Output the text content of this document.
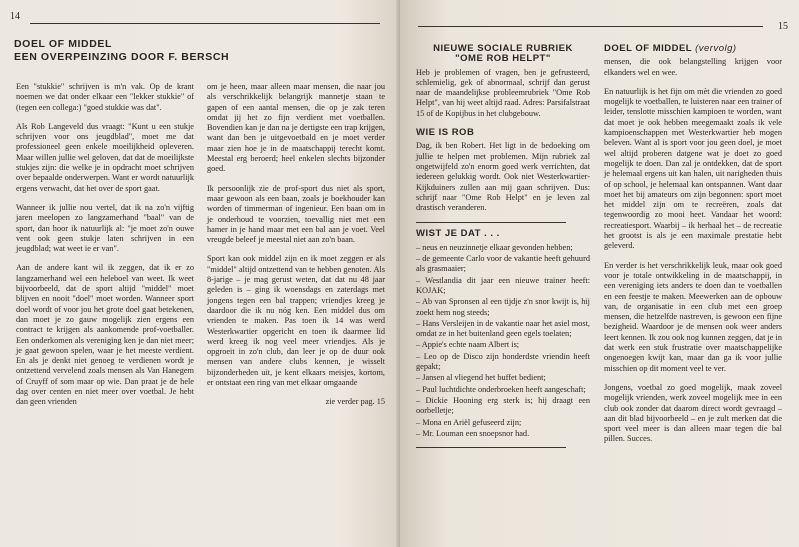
14
DOEL OF MIDDEL
EEN OVERPEINZING DOOR F. BERSCH

Een "stukkie" schrijven is m'n vak. Op de krant noemen we dat onder elkaar een "lekker stukkie" of (tegen een collega:) "goed stukkie was dat".

Als Rob Langeveld dus vraagt: "Kunt u een stukje schrijven voor ons jeugdblad", moet me dat professioneel geen enkele moeilijkheid opleveren. Maar willen jullie wel geloven, dat dat de moeilijkste stukjes zijn: die welke je in opdracht moet schrijven over bepaalde onderwerpen. Want er wordt natuurlijk ergens verwacht, dat het over de sport gaat.

Wanneer ik jullie nou vertel, dat ik na zo'n vijftig jaren meelopen zo langzamerhand "baal" van de sport, dan hoor ik natuurlijk al: "je moet zo'n ouwe vent ook geen stukje laten schrijven in een jeugdblad; wat weet ie er van".

Aan de andere kant wil ik zeggen, dat ik er zo langzamerhand wel een heleboel van weet. Ik weet bijvoorbeeld, dat de sport altijd "middel" moet blijven en nooit "doel" moet worden. Wanneer sport doel wordt of voor jou het grote doel gaat betekenen, dan moet je zo gauw mogelijk zien ergens een contract te krijgen als aankomende prof-voetballer. Een onderkomen als vereniging ken je dan niet meer; je gaat gewoon spelen, waar je het meeste verdient. En als je denkt niet genoeg te verdienen wordt je ontzettend vervelend zoals mensen als Van Hanegem of Cruyff of som maar op wie. Dan praat je de hele dag over centen en niet meer over voetbal. Je hebt dan geen vrienden

om je heen, maar alleen maar mensen, die naar jou als verschrikkelijk belangrijk mannetje staan te gapen of een aantal mensen, die op je zak teren omdat jij het zo fijn verdient met voetballen. Bovendien kan je dan na je dertigste een trap krijgen, want dan ben je uitgevoetbald en je moet verder maar zien hoe je in de maatschappij terecht komt. Meestal erg beroerd; heel enkelen slechts bijzonder goed.

Ik persoonlijk zie de prof-sport dus niet als sport, maar gewoon als een baan, zoals je boekhouder kan worden of timmerman of ingenieur. Een baan om in je onderhoud te voorzien, toevallig niet met een hamer in je hand maar met een bal aan je voet. Veel vreugde beleef je meestal niet aan zo'n baan.

Sport kan ook middel zijn en ik moet zeggen er als "middel" altijd ontzettend van te hebben genoten. Als 8-jarige – je mag gerust weten, dat dat nu 48 jaar geleden is – ging ik woensdags en zaterdags met jongens tegen een bal trappen; vriendjes kreeg je daardoor die ik nu nóg ken. Een middel dus om vrienden te maken. Pas toen ik 14 was werd Westerkwartier opgericht en toen ik daarmee lid werd kreeg ik nog veel meer vriendjes. Als je opgroeit in zo'n club, dan leer je op de duur ook mensen van andere clubs kennen, je wisselt bijzonderheden uit, je kent elkaars meisjes, kortom, er ontstaat een ring van met elkaar omgaande

zie verder pag. 15
15
NIEUWE SOCIALE RUBRIEK
"OME ROB HELPT"

Heb je problemen of vragen, ben je gefrusteerd, schlemielig, gek of abnormaal, schrijf dan gerust naar de maandelijkse probleemrubriek "Ome Rob Helpt", van hij weet altijd raad. Adres: Parsifalstraat 15 of de Kopijbus in het clubgebouw.

WIE IS ROB

Dag, ik ben Robert. Het ligt in de bedoeking om jullie te helpen met problemen. Mijn rubriek zal ongetwijfeld zo'n enorm goed werk verrichten, dat iedereen gelukkig wordt. Ook niet Westerkwartier-Kijkduiners zullen aan mij gaan schrijven. Dus: schrijf naar "Ome Rob Helpt" en je leven zal drastisch veranderen.

WIST JE DAT . . .
– neus en neuzinnetje elkaar gevonden hebben;
– de gemeente Carlo voor de vakantie heeft gehuurd als grasmaaier;
– Westlandia dit jaar een nieuwe trainer heeft: KOJAK;
– Ab van Spronsen al een tijdje z'n snor kwijt is, hij zoekt hem nog steeds;
– Hans Versleijen in de vakantie naar het asiel most, omdat ze in het buitenland geen egels toelaten;
– Appie's echte naam Albert is;
– Leo op de Disco zijn honderdste vriendin heeft gepakt;
– Jansen al vliegend het buffet bedient;
– Paul luchtdichte onderbroeken heeft aangeschaft;
– Dickie Hooning erg sterk is; hij draagt een oorbelletje;
– Mona en Ariël gefuseerd zijn;
– Mr. Louman een snoepsnor had.
DOEL OF MIDDEL (vervolg)

mensen, die ook belangstelling krijgen voor elkanders wel en wee.

En natuurlijk is het fijn om mèt die vrienden zo goed mogelijk te voetballen, te luisteren naar een trainer of leider, tenslotte misschien kampioen te worden, want dat moet je ook hebben meegemaakt zoals ik vele kampioenschappen met Westerkwartier heb mogen beleven. Want al is sport voor jou geen doel, je moet wel altijd proberen datgene wat je doet zo goed mogelijk te doen. Dan zal je ontdekken, dat de sport je helemaal ergens uit kan halen, uit narigheden thuis of op school, je helemaal kan ontspannen. Want daar moet het bij amateurs om zijn begonnen: sport moet het middel zijn om te recreëren, zoals dat tegenwoordig zo mooi heet. Vandaar het woord: recreatiesport. Waarbij – ik herhaal het – de recreatie het grootst is als je een maximale prestatie hebt geleverd.

En verder is het verschrikkelijk leuk, maar ook goed voor je totale ontwikkeling in de maatschappij, in een vereniging iets anders te doen dan te voetballen en een feestje te maken. Meewerken aan de opbouw van, de organisatie in een club met een groep mensen, die hetzelfde nastreven, is gewoon een fijne bezigheid. Waardoor je de mensen ook weer anders leert kennen. Ik zou ook nog kunnen zeggen, dat je in dat werk een stuk frustratie over maatschappelijke ongenoegen kwijt kan, maar dan ga ik voor jullie misschien op dit moment veel te ver.

Jongens, voetbal zo goed mogelijk, maak zoveel mogelijk vrienden, werk zoveel mogelijk mee in een club ook zonder dat daarom direct wordt gevraagd – aan dit blad bijvoorbeeld – en je zult merken dat die sport veel meer is dan alleen maar tegen die bal pillen. Succes.
